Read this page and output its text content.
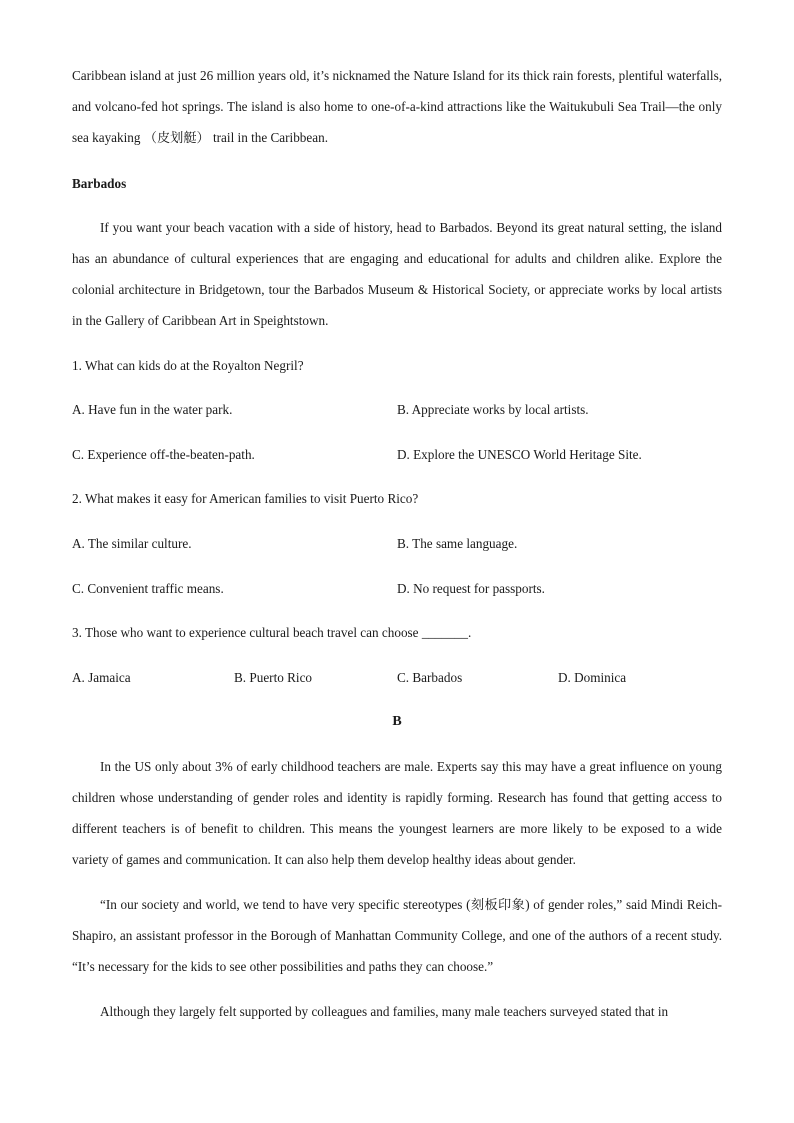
Caribbean island at just 26 million years old, it’s nicknamed the Nature Island for its thick rain forests, plentiful waterfalls, and volcano-fed hot springs. The island is also home to one-of-a-kind attractions like the Waitukubuli Sea Trail—the only sea kayaking （皮划艇） trail in the Caribbean.

Barbados

If you want your beach vacation with a side of history, head to Barbados. Beyond its great natural setting, the island has an abundance of cultural experiences that are engaging and educational for adults and children alike. Explore the colonial architecture in Bridgetown, tour the Barbados Museum & Historical Society, or appreciate works by local artists in the Gallery of Caribbean Art in Speightstown.

1. What can kids do at the Royalton Negril?
A. Have fun in the water park.	B. Appreciate works by local artists.
C. Experience off-the-beaten-path.	D. Explore the UNESCO World Heritage Site.
2. What makes it easy for American families to visit Puerto Rico?
A. The similar culture.	B. The same language.
C. Convenient traffic means.	D. No request for passports.
3. Those who want to experience cultural beach travel can choose _______.
A. Jamaica	B. Puerto Rico	C. Barbados	D. Dominica
B

In the US only about 3% of early childhood teachers are male. Experts say this may have a great influence on young children whose understanding of gender roles and identity is rapidly forming. Research has found that getting access to different teachers is of benefit to children. This means the youngest learners are more likely to be exposed to a wide variety of games and communication. It can also help them develop healthy ideas about gender.

“In our society and world, we tend to have very specific stereotypes (刻板印象) of gender roles,” said Mindi Reich-Shapiro, an assistant professor in the Borough of Manhattan Community College, and one of the authors of a recent study. “It’s necessary for the kids to see other possibilities and paths they can choose.”

Although they largely felt supported by colleagues and families, many male teachers surveyed stated that in
